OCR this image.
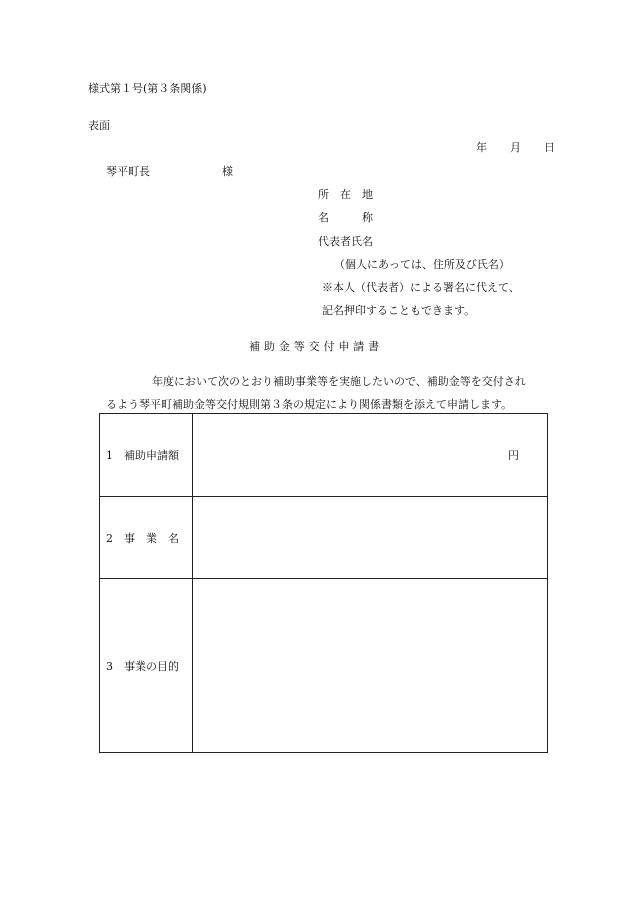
様式第１号(第３条関係)
表面
年 月 日
琴平町長	様
所　在　地
名　　　称
代表者氏名
（個人にあっては、住所及び氏名）
※本人（代表者）による署名に代えて、
記名押印することもできます。
補 助 金 等 交 付 申 請 書
年度において次のとおり補助事業等を実施したいので、補助金等を交付され
るよう琴平町補助金等交付規則第３条の規定により関係書類を添えて申請します。
1　補助申請額	円

2　事　業　名	
3　事業の目的	
